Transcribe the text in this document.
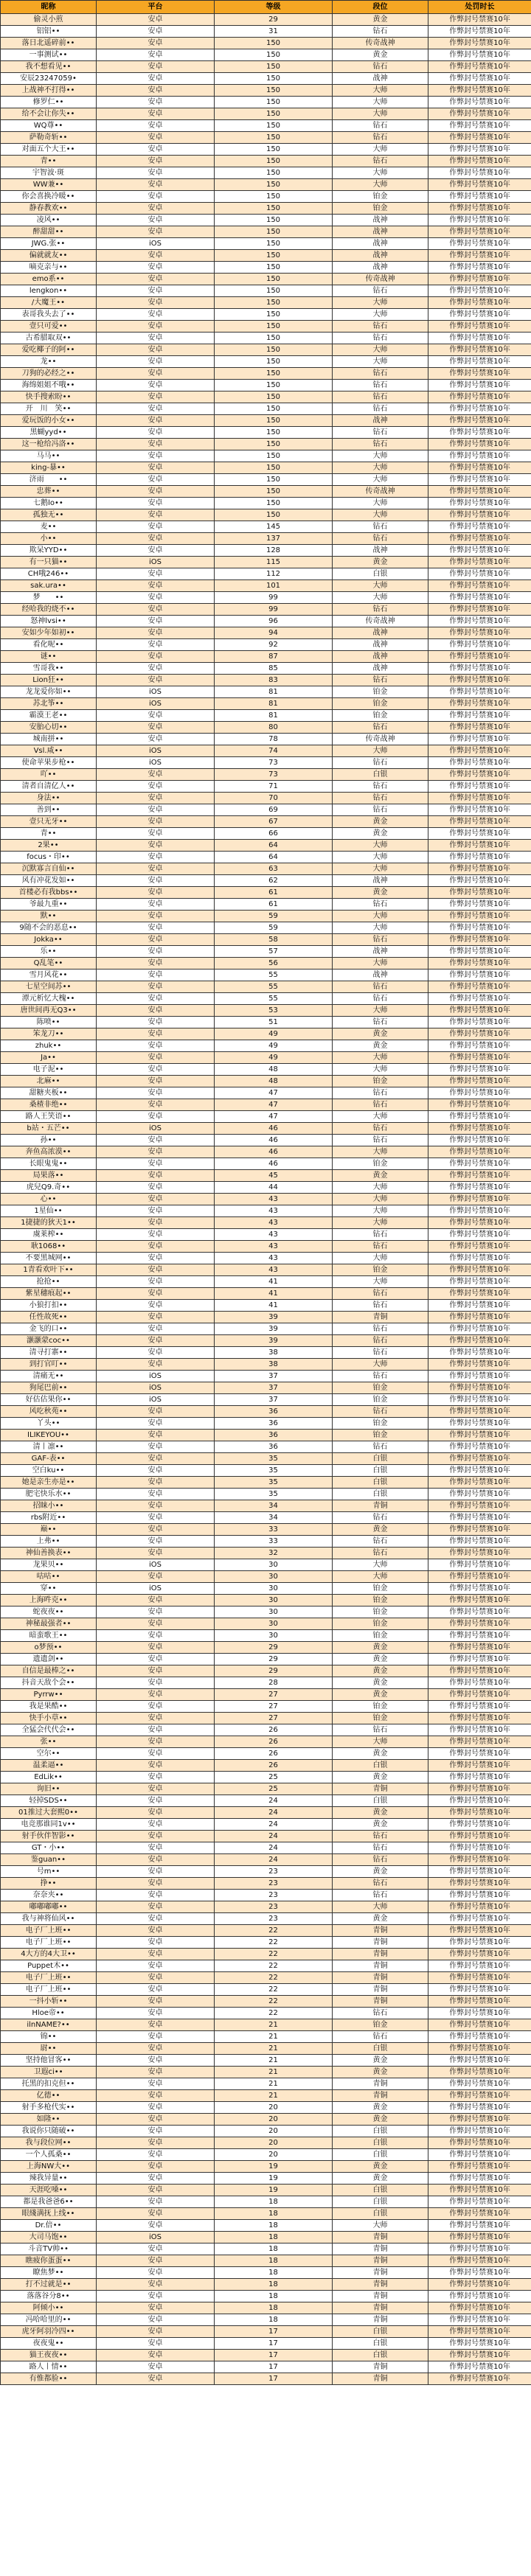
昵称	平台	等级	段位	处罚时长
偷灵小煎	安卓	29	黄金	作弊封号禁赛10年
铝铝••	安卓	31	钻石	作弊封号禁赛10年
落日北遥碎前••	安卓	150	传奇战神	作弊封号禁赛10年
一事测试••	安卓	150	黄金	作弊封号禁赛10年
我不想看见••	安卓	150	钻石	作弊封号禁赛10年
安辰23247059•	安卓	150	战神	作弊封号禁赛10年
上战神不打得••	安卓	150	大师	作弊封号禁赛10年
修罗仁••	安卓	150	大师	作弊封号禁赛10年
给不会让你失••	安卓	150	大师	作弊封号禁赛10年
WQ尊••	安卓	150	钻石	作弊封号禁赛10年
萨勒奇斩••	安卓	150	钻石	作弊封号禁赛10年
对面五个大王••	安卓	150	大师	作弊封号禁赛10年
青••	安卓	150	钻石	作弊封号禁赛10年
宇智波·斑	安卓	150	大师	作弊封号禁赛10年
WW兼••	安卓	150	大师	作弊封号禁赛10年
你会喜换冷暖••	安卓	150	铂金	作弊封号禁赛10年
静春教欢••	安卓	150	铂金	作弊封号禁赛10年
凌风••	安卓	150	战神	作弊封号禁赛10年
醉甜甜••	安卓	150	战神	作弊封号禁赛10年
JWG.张••	iOS	150	战神	作弊封号禁赛10年
偏就就友••	安卓	150	战神	作弊封号禁赛10年
嘀克亲与••	安卓	150	战神	作弊封号禁赛10年
emo系••	安卓	150	传奇战神	作弊封号禁赛10年
lengkon••	安卓	150	钻石	作弊封号禁赛10年
/大魔王••	安卓	150	大师	作弊封号禁赛10年
表哥我头去了••	安卓	150	大师	作弊封号禁赛10年
壹只可爱••	安卓	150	钻石	作弊封号禁赛10年
古希腊取双••	安卓	150	钻石	作弊封号禁赛10年
爱吃椰子的阿••	安卓	150	大师	作弊封号禁赛10年
龙••	安卓	150	大师	作弊封号禁赛10年
刀狗的必经之••	安卓	150	钻石	作弊封号禁赛10年
海绵姐姐不哦••	安卓	150	钻石	作弊封号禁赛10年
快手搜索盼••	安卓	150	钻石	作弊封号禁赛10年
开　川　笑••	安卓	150	钻石	作弊封号禁赛10年
爱玩饭的小女••	安卓	150	战神	作弊封号禁赛10年
黑蝴yyd••	安卓	150	钻石	作弊封号禁赛10年
这一枪给冯洛••	安卓	150	钻石	作弊封号禁赛10年
马马••	安卓	150	大师	作弊封号禁赛10年
king-暴••	安卓	150	大师	作弊封号禁赛10年
济雨　　••	安卓	150	大师	作弊封号禁赛10年
忠葬••	安卓	150	传奇战神	作弊封号禁赛10年
七鹅lo••	安卓	150	大师	作弊封号禁赛10年
孤独无••	安卓	150	大师	作弊封号禁赛10年
麦••	安卓	145	钻石	作弊封号禁赛10年
小••	安卓	137	钻石	作弊封号禁赛10年
欺呆YYD••	安卓	128	战神	作弊封号禁赛10年
有一只猫••	iOS	115	黄金	作弊封号禁赛10年
CH哦246••	安卓	112	白银	作弊封号禁赛10年
sak.ura••	安卓	101	大师	作弊封号禁赛10年
梦　　••	安卓	99	大师	作弊封号禁赛10年
经哈我的烧不••	安卓	99	钻石	作弊封号禁赛10年
怒神lvsi••	安卓	96	传奇战神	作弊封号禁赛10年
安如少年如初••	安卓	94	战神	作弊封号禁赛10年
看化呢••	安卓	92	战神	作弊封号禁赛10年
谜••	安卓	87	战神	作弊封号禁赛10年
雪哥我••	安卓	85	战神	作弊封号禁赛10年
Lion狂••	安卓	83	钻石	作弊封号禁赛10年
龙龙爱你如••	iOS	81	铂金	作弊封号禁赛10年
苏北筝••	iOS	81	铂金	作弊封号禁赛10年
霸漠王老••	安卓	81	铂金	作弊封号禁赛10年
安胎心切••	安卓	80	钻石	作弊封号禁赛10年
城南拼••	安卓	78	传奇战神	作弊封号禁赛10年
Vsl.咸••	iOS	74	大师	作弊封号禁赛10年
使命苹果步枪••	iOS	73	钻石	作弊封号禁赛10年
吖••	安卓	73	白银	作弊封号禁赛10年
清者自清亿人••	安卓	71	钻石	作弊封号禁赛10年
身法••	安卓	70	钻石	作弊封号禁赛10年
善到••	安卓	69	钻石	作弊封号禁赛10年
壹只无牙••	安卓	67	黄金	作弊封号禁赛10年
青••	安卓	66	黄金	作弊封号禁赛10年
2果••	安卓	64	大师	作弊封号禁赛10年
focus・印••	安卓	64	大师	作弊封号禁赛10年
沉默寡言自仙••	安卓	63	大师	作弊封号禁赛10年
风有冲花发如••	安卓	62	战神	作弊封号禁赛10年
首楼必有我bbs••	安卓	61	黄金	作弊封号禁赛10年
爷最九重••	安卓	61	钻石	作弊封号禁赛10年
默••	安卓	59	大师	作弊封号禁赛10年
9随不会的恶息••	安卓	59	大师	作弊封号禁赛10年
Jokka••	安卓	58	钻石	作弊封号禁赛10年
乐••	安卓	57	战神	作弊封号禁赛10年
Q乱笔••	安卓	56	大师	作弊封号禁赛10年
雪月风花••	安卓	55	战神	作弊封号禁赛10年
七星空间苏••	安卓	55	钻石	作弊封号禁赛10年
潭元析忆大槐••	安卓	55	钻石	作弊封号禁赛10年
唐世间再无Q3••	安卓	53	大师	作弊封号禁赛10年
陈喷••	安卓	51	钻石	作弊封号禁赛10年
笨龙刀••	安卓	49	黄金	作弊封号禁赛10年
zhuk••	安卓	49	黄金	作弊封号禁赛10年
Ja••	安卓	49	大师	作弊封号禁赛10年
电子泥••	安卓	48	大师	作弊封号禁赛10年
北麻••	安卓	48	铂金	作弊封号禁赛10年
甜糖夹板••	安卓	47	钻石	作弊封号禁赛10年
桑楂非绝••	安卓	47	钻石	作弊封号禁赛10年
路人王笑语••	安卓	47	大师	作弊封号禁赛10年
b站・五芒••	iOS	46	钻石	作弊封号禁赛10年
孙••	安卓	46	钻石	作弊封号禁赛10年
奔鱼高浓漠••	安卓	46	大师	作弊封号禁赛10年
长眼鬼鬼••	安卓	46	铂金	作弊封号禁赛10年
局果落••	安卓	45	黄金	作弊封号禁赛10年
虎兒Q9.奇••	安卓	44	大师	作弊封号禁赛10年
心••	安卓	43	大师	作弊封号禁赛10年
1星仙••	安卓	43	大师	作弊封号禁赛10年
1捷捷的狄天1••	安卓	43	大师	作弊封号禁赛10年
虞莱榨••	安卓	43	钻石	作弊封号禁赛10年
耿1068••	安卓	43	钻石	作弊封号禁赛10年
不要黑城网••	安卓	43	大师	作弊封号禁赛10年
1青看欢叶下••	安卓	43	铂金	作弊封号禁赛10年
抢抢••	安卓	41	大师	作弊封号禁赛10年
紫星穗痕起••	安卓	41	钻石	作弊封号禁赛10年
小狼打扣••	安卓	41	钻石	作弊封号禁赛10年
任性故死••	安卓	39	青铜	作弊封号禁赛10年
金飞的口••	安卓	39	钻石	作弊封号禁赛10年
灏灏蒙coc••	安卓	39	钻石	作弊封号禁赛10年
清寻打寨••	安卓	38	钻石	作弊封号禁赛10年
到打官叮••	安卓	38	大师	作弊封号禁赛10年
清痛无••	iOS	37	钻石	作弊封号禁赛10年
狗尾巴前••	iOS	37	铂金	作弊封号禁赛10年
好估估果你••	iOS	37	铂金	作弊封号禁赛10年
风吃秋苑••	安卓	36	钻石	作弊封号禁赛10年
丫头••	安卓	36	铂金	作弊封号禁赛10年
ILIKEYOU••	安卓	36	铂金	作弊封号禁赛10年
清丨凛••	安卓	36	钻石	作弊封号禁赛10年
GAF-表••	安卓	35	白银	作弊封号禁赛10年
空白ku••	安卓	35	白银	作弊封号禁赛10年
她是亲生亦是••	安卓	35	白银	作弊封号禁赛10年
肥宅快乐水••	安卓	35	白银	作弊封号禁赛10年
招睐小••	安卓	34	青铜	作弊封号禁赛10年
rbs附近••	安卓	34	钻石	作弊封号禁赛10年
巅••	安卓	33	黄金	作弊封号禁赛10年
上弗••	安卓	33	钻石	作弊封号禁赛10年
神仙善换表••	安卓	32	钻石	作弊封号禁赛10年
龙果贝••	iOS	30	大师	作弊封号禁赛10年
咕咕••	安卓	30	大师	作弊封号禁赛10年
穿••	iOS	30	铂金	作弊封号禁赛10年
上海吽克••	安卓	30	铂金	作弊封号禁赛10年
蛇夜夜••	安卓	30	铂金	作弊封号禁赛10年
神秘最强者••	安卓	30	铂金	作弊封号禁赛10年
暗蛮歌王••	安卓	30	铂金	作弊封号禁赛10年
o梦预••	安卓	29	黄金	作弊封号禁赛10年
遗遗剑••	安卓	29	黄金	作弊封号禁赛10年
自信是最棒之••	安卓	29	黄金	作弊封号禁赛10年
抖音天敌个会••	安卓	28	黄金	作弊封号禁赛10年
Pyrrw••	安卓	27	黄金	作弊封号禁赛10年
我是果酷••	安卓	27	铂金	作弊封号禁赛10年
快手小草••	安卓	27	铂金	作弊封号禁赛10年
全猛会代代会••	安卓	26	钻石	作弊封号禁赛10年
张••	安卓	26	大师	作弊封号禁赛10年
空尔••	安卓	26	黄金	作弊封号禁赛10年
温柔逼••	安卓	26	白银	作弊封号禁赛10年
EdLik••	安卓	25	黄金	作弊封号禁赛10年
询旧••	安卓	25	青铜	作弊封号禁赛10年
轻掉SDS••	安卓	24	白银	作弊封号禁赛10年
01推过大套熙0••	安卓	24	黄金	作弊封号禁赛10年
电竞那谁同1v••	安卓	24	黄金	作弊封号禁赛10年
射手伙伴智影••	安卓	24	钻石	作弊封号禁赛10年
GT・小••	安卓	24	钻石	作弊封号禁赛10年
鉴guan••	安卓	24	钻石	作弊封号禁赛10年
号m••	安卓	23	黄金	作弊封号禁赛10年
挣••	安卓	23	钻石	作弊封号禁赛10年
奈奈夹••	安卓	23	钻石	作弊封号禁赛10年
嘟嘟嘟嘟••	安卓	23	大师	作弊封号禁赛10年
我与神将仙风••	安卓	23	黄金	作弊封号禁赛10年
电子厂上班••	安卓	22	青铜	作弊封号禁赛10年
电子厂上班••	安卓	22	青铜	作弊封号禁赛10年
4大方的4大卫••	安卓	22	青铜	作弊封号禁赛10年
Puppet木••	安卓	22	青铜	作弊封号禁赛10年
电子厂上班••	安卓	22	青铜	作弊封号禁赛10年
电子厂上班••	安卓	22	青铜	作弊封号禁赛10年
一抖小斩••	安卓	22	青铜	作弊封号禁赛10年
Hloe帝••	安卓	22	钻石	作弊封号禁赛10年
ilnNAME?••	安卓	21	铂金	作弊封号禁赛10年
锦••	安卓	21	钻石	作弊封号禁赛10年
尉••	安卓	21	白银	作弊封号禁赛10年
坚持他冒客••	安卓	21	黄金	作弊封号禁赛10年
卫遐ci••	安卓	21	黄金	作弊封号禁赛10年
托黑的扣克但••	安卓	21	青铜	作弊封号禁赛10年
亿德••	安卓	21	青铜	作弊封号禁赛10年
射手多枪代实••	安卓	20	黄金	作弊封号禁赛10年
如隆••	安卓	20	黄金	作弊封号禁赛10年
我说你只随破••	安卓	20	白银	作弊封号禁赛10年
我与段位网••	安卓	20	白银	作弊封号禁赛10年
一个人孤桑••	安卓	20	白银	作弊封号禁赛10年
上海NW大••	安卓	19	黄金	作弊封号禁赛10年
辣我异量••	安卓	19	黄金	作弊封号禁赛10年
天涯吃嗓••	安卓	19	白银	作弊封号禁赛10年
都是我爸爸6••	安卓	18	白银	作弊封号禁赛10年
眼綫满抚上线••	安卓	18	白银	作弊封号禁赛10年
Dr.倍••	安卓	18	大师	作弊封号禁赛10年
大司马饱••	iOS	18	青铜	作弊封号禁赛10年
斗音TV帅••	安卓	18	青铜	作弊封号禁赛10年
瞧疲你蛋蛋••	安卓	18	青铜	作弊封号禁赛10年
瞭焦梦••	安卓	18	青铜	作弊封号禁赛10年
打不过就是••	安卓	18	青铜	作弊封号禁赛10年
落落谷分8••	安卓	18	青铜	作弊封号禁赛10年
阿倾小••	安卓	18	青铜	作弊封号禁赛10年
冯哈哈里的••	安卓	18	青铜	作弊封号禁赛10年
虎牙阿羽冷四••	安卓	17	白银	作弊封号禁赛10年
夜夜鬼••	安卓	17	白银	作弊封号禁赛10年
猫王夜夜••	安卓	17	白银	作弊封号禁赛10年
路人丨情••	安卓	17	青铜	作弊封号禁赛10年
有惟都脸••	安卓	17	青铜	作弊封号禁赛10年
